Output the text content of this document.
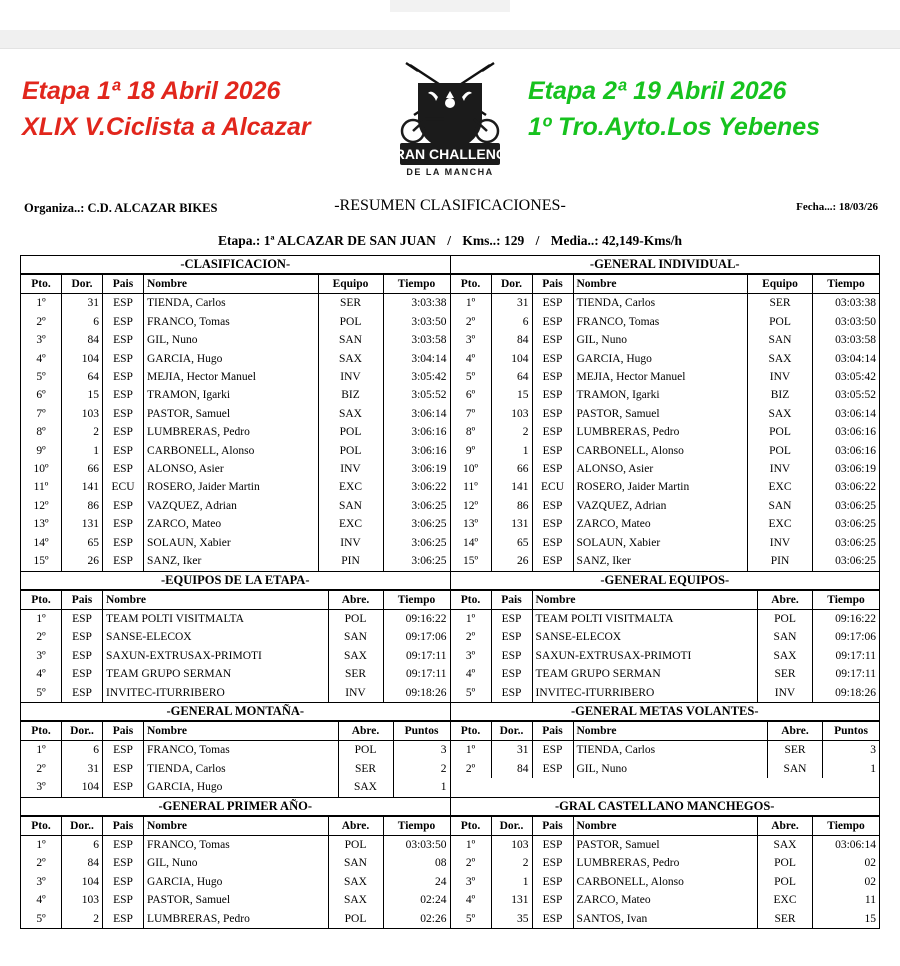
Etapa 1ª 18 Abril 2026
XLIX V.Ciclista a Alcazar
Etapa 2ª 19 Abril 2026
1º Tro.Ayto.Los Yebenes
GRAN CHALLENGE
DE LA MANCHA
Organiza..: C.D. ALCAZAR BIKES	-RESUMEN CLASIFICACIONES-	Fecha...: 18/03/26
Etapa.: 1ª ALCAZAR DE SAN JUAN / Kms..: 129 / Media..: 42,149-Kms/h
-CLASIFICACION-
Pto.	Dor.	Pais	Nombre	Equipo	Tiempo
1º	31	ESP	TIENDA, Carlos	SER	3:03:38
2º	6	ESP	FRANCO, Tomas	POL	3:03:50
3º	84	ESP	GIL, Nuno	SAN	3:03:58
4º	104	ESP	GARCIA, Hugo	SAX	3:04:14
5º	64	ESP	MEJIA, Hector Manuel	INV	3:05:42
6º	15	ESP	TRAMON, Igarki	BIZ	3:05:52
7º	103	ESP	PASTOR, Samuel	SAX	3:06:14
8º	2	ESP	LUMBRERAS, Pedro	POL	3:06:16
9º	1	ESP	CARBONELL, Alonso	POL	3:06:16
10º	66	ESP	ALONSO, Asier	INV	3:06:19
11º	141	ECU	ROSERO, Jaider Martin	EXC	3:06:22
12º	86	ESP	VAZQUEZ, Adrian	SAN	3:06:25
13º	131	ESP	ZARCO, Mateo	EXC	3:06:25
14º	65	ESP	SOLAUN, Xabier	INV	3:06:25
15º	26	ESP	SANZ, Iker	PIN	3:06:25
-GENERAL INDIVIDUAL-
Pto.	Dor.	Pais	Nombre	Equipo	Tiempo
1º	31	ESP	TIENDA, Carlos	SER	03:03:38
2º	6	ESP	FRANCO, Tomas	POL	03:03:50
3º	84	ESP	GIL, Nuno	SAN	03:03:58
4º	104	ESP	GARCIA, Hugo	SAX	03:04:14
5º	64	ESP	MEJIA, Hector Manuel	INV	03:05:42
6º	15	ESP	TRAMON, Igarki	BIZ	03:05:52
7º	103	ESP	PASTOR, Samuel	SAX	03:06:14
8º	2	ESP	LUMBRERAS, Pedro	POL	03:06:16
9º	1	ESP	CARBONELL, Alonso	POL	03:06:16
10º	66	ESP	ALONSO, Asier	INV	03:06:19
11º	141	ECU	ROSERO, Jaider Martin	EXC	03:06:22
12º	86	ESP	VAZQUEZ, Adrian	SAN	03:06:25
13º	131	ESP	ZARCO, Mateo	EXC	03:06:25
14º	65	ESP	SOLAUN, Xabier	INV	03:06:25
15º	26	ESP	SANZ, Iker	PIN	03:06:25
-EQUIPOS DE LA ETAPA-
Pto.	Pais	Nombre	Abre.	Tiempo
1º	ESP	TEAM POLTI VISITMALTA	POL	09:16:22
2º	ESP	SANSE-ELECOX	SAN	09:17:06
3º	ESP	SAXUN-EXTRUSAX-PRIMOTI	SAX	09:17:11
4º	ESP	TEAM GRUPO SERMAN	SER	09:17:11
5º	ESP	INVITEC-ITURRIBERO	INV	09:18:26
-GENERAL EQUIPOS-
Pto.	Pais	Nombre	Abre.	Tiempo
1º	ESP	TEAM POLTI VISITMALTA	POL	09:16:22
2º	ESP	SANSE-ELECOX	SAN	09:17:06
3º	ESP	SAXUN-EXTRUSAX-PRIMOTI	SAX	09:17:11
4º	ESP	TEAM GRUPO SERMAN	SER	09:17:11
5º	ESP	INVITEC-ITURRIBERO	INV	09:18:26
-GENERAL MONTAÑA-
Pto.	Dor..	Pais	Nombre	Abre.	Puntos
1º	6	ESP	FRANCO, Tomas	POL	3
2º	31	ESP	TIENDA, Carlos	SER	2
3º	104	ESP	GARCIA, Hugo	SAX	1
-GENERAL METAS VOLANTES-
Pto.	Dor..	Pais	Nombre	Abre.	Puntos
1º	31	ESP	TIENDA, Carlos	SER	3
2º	84	ESP	GIL, Nuno	SAN	1
-GENERAL PRIMER AÑO-
Pto.	Dor..	Pais	Nombre	Abre.	Tiempo
1º	6	ESP	FRANCO, Tomas	POL	03:03:50
2º	84	ESP	GIL, Nuno	SAN	08
3º	104	ESP	GARCIA, Hugo	SAX	24
4º	103	ESP	PASTOR, Samuel	SAX	02:24
5º	2	ESP	LUMBRERAS, Pedro	POL	02:26
-GRAL CASTELLANO MANCHEGOS-
Pto.	Dor..	Pais	Nombre	Abre.	Tiempo
1º	103	ESP	PASTOR, Samuel	SAX	03:06:14
2º	2	ESP	LUMBRERAS, Pedro	POL	02
3º	1	ESP	CARBONELL, Alonso	POL	02
4º	131	ESP	ZARCO, Mateo	EXC	11
5º	35	ESP	SANTOS, Ivan	SER	15
